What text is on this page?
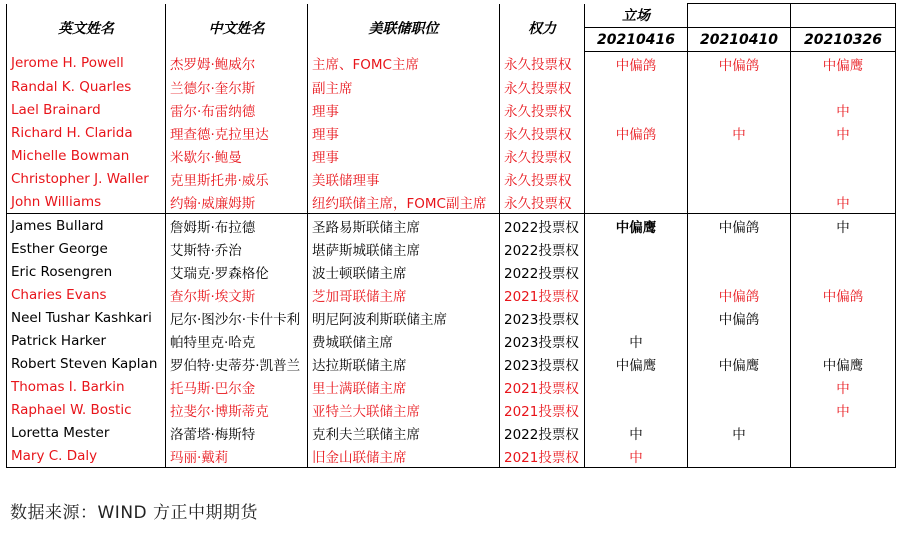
英文姓名	中文姓名	美联储职位	权力	立场		
				20210416	20210410	20210326
Jerome H. Powell	杰罗姆·鲍威尔	主席、FOMC主席	永久投票权	中偏鸽	中偏鸽	中偏鹰
Randal K. Quarles	兰德尔·奎尔斯	副主席	永久投票权			
Lael Brainard	雷尔·布雷纳德	理事	永久投票权			中
Richard H. Clarida	理查德·克拉里达	理事	永久投票权	中偏鸽	中	中
Michelle Bowman	米歇尔·鲍曼	理事	永久投票权			
Christopher J. Waller	克里斯托弗·威乐	美联储理事	永久投票权			
John Williams	约翰·威廉姆斯	纽约联储主席，FOMC副主席	永久投票权			中
James Bullard	詹姆斯·布拉德	圣路易斯联储主席	2022投票权	中偏鹰	中偏鸽	中
Esther George	艾斯特·乔治	堪萨斯城联储主席	2022投票权			
Eric Rosengren	艾瑞克·罗森格伦	波士顿联储主席	2022投票权			
Charies Evans	查尔斯·埃文斯	芝加哥联储主席	2021投票权		中偏鸽	中偏鸽
Neel Tushar Kashkari	尼尔·图沙尔·卡什卡利	明尼阿波利斯联储主席	2023投票权		中偏鸽	
Patrick Harker	帕特里克·哈克	费城联储主席	2023投票权	中		
Robert Steven Kaplan	罗伯特·史蒂芬·凯普兰	达拉斯联储主席	2023投票权	中偏鹰	中偏鹰	中偏鹰
Thomas I. Barkin	托马斯·巴尔金	里士满联储主席	2021投票权			中
Raphael W. Bostic	拉斐尔·博斯蒂克	亚特兰大联储主席	2021投票权			中
Loretta Mester	洛蕾塔·梅斯特	克利夫兰联储主席	2022投票权	中	中	
Mary C. Daly	玛丽·戴莉	旧金山联储主席	2021投票权	中		
数据来源：WIND 方正中期期货
